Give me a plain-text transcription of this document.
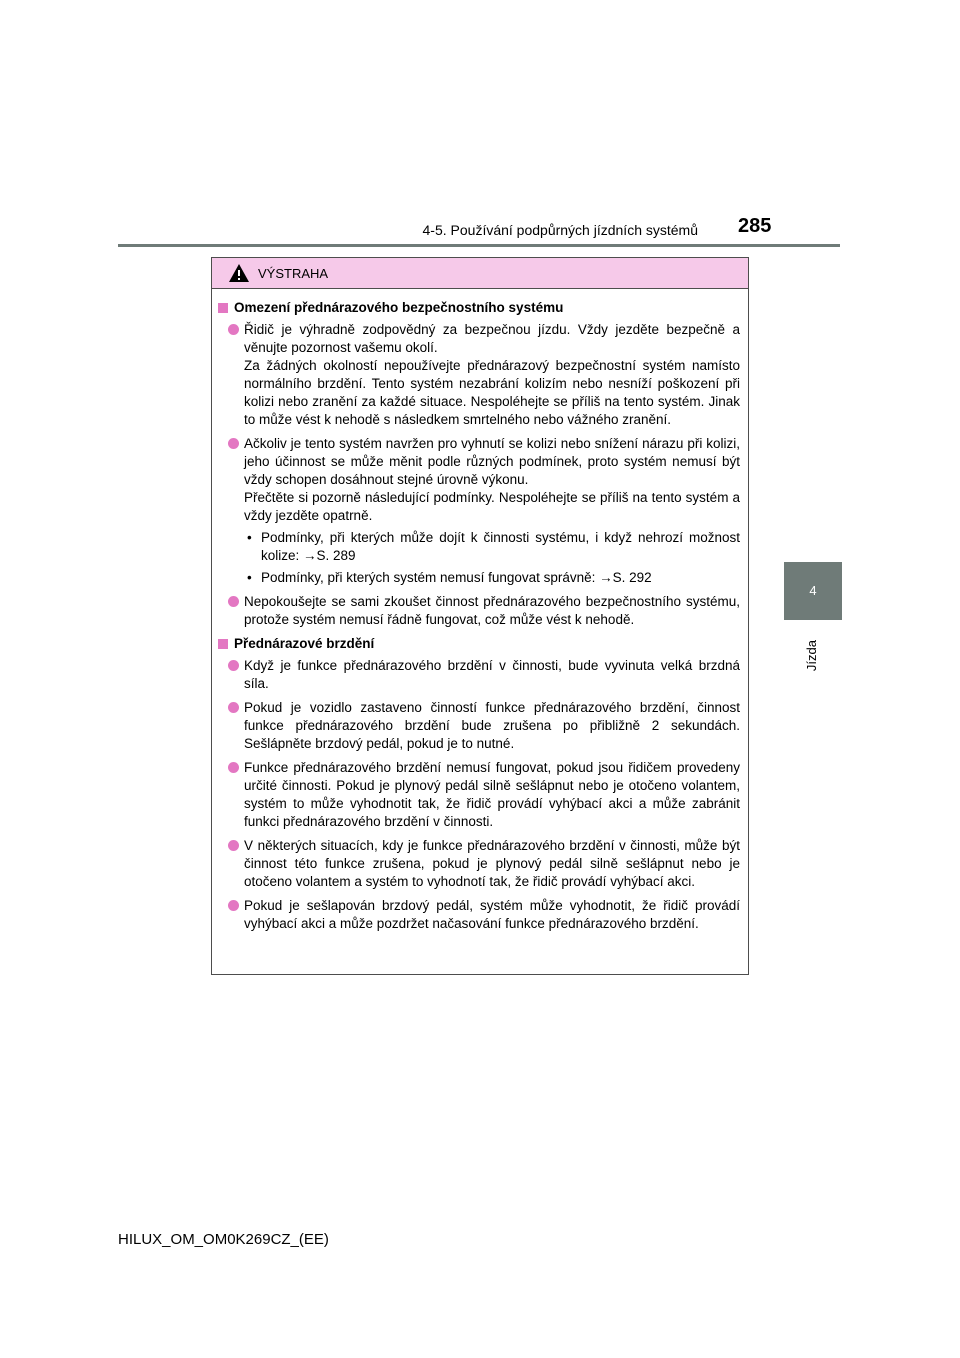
4-5. Používání podpůrných jízdních systémů 285
4
Jízda
VÝSTRAHA
Omezení přednárazového bezpečnostního systému

Řidič je výhradně zodpovědný za bezpečnou jízdu. Vždy jezděte bezpečně a věnujte pozornost vašemu okolí.

Za žádných okolností nepoužívejte přednárazový bezpečnostní systém namísto normálního brzdění. Tento systém nezabrání kolizím nebo nesníží poškození při kolizi nebo zranění za každé situace. Nespoléhejte se příliš na tento systém. Jinak to může vést k nehodě s následkem smrtelného nebo vážného zranění.

Ačkoliv je tento systém navržen pro vyhnutí se kolizi nebo snížení nárazu při kolizi, jeho účinnost se může měnit podle různých podmínek, proto systém nemusí být vždy schopen dosáhnout stejné úrovně výkonu.

Přečtěte si pozorně následující podmínky. Nespoléhejte se příliš na tento systém a vždy jezděte opatrně.

• Podmínky, při kterých může dojít k činnosti systému, i když nehrozí možnost kolize: →S. 289
• Podmínky, při kterých systém nemusí fungovat správně: →S. 292

Nepokoušejte se sami zkoušet činnost přednárazového bezpečnostního systému, protože systém nemusí řádně fungovat, což může vést k nehodě.

Přednárazové brzdění

Když je funkce přednárazového brzdění v činnosti, bude vyvinuta velká brzdná síla.

Pokud je vozidlo zastaveno činností funkce přednárazového brzdění, činnost funkce přednárazového brzdění bude zrušena po přibližně 2 sekundách. Sešlápněte brzdový pedál, pokud je to nutné.

Funkce přednárazového brzdění nemusí fungovat, pokud jsou řidičem provedeny určité činnosti. Pokud je plynový pedál silně sešlápnut nebo je otočeno volantem, systém to může vyhodnotit tak, že řidič provádí vyhýbací akci a může zabránit funkci přednárazového brzdění v činnosti.

V některých situacích, kdy je funkce přednárazového brzdění v činnosti, může být činnost této funkce zrušena, pokud je plynový pedál silně sešlápnut nebo je otočeno volantem a systém to vyhodnotí tak, že řidič provádí vyhýbací akci.

Pokud je sešlapován brzdový pedál, systém může vyhodnotit, že řidič provádí vyhýbací akci a může pozdržet načasování funkce přednárazového brzdění.

HILUX_OM_OM0K269CZ_(EE)
